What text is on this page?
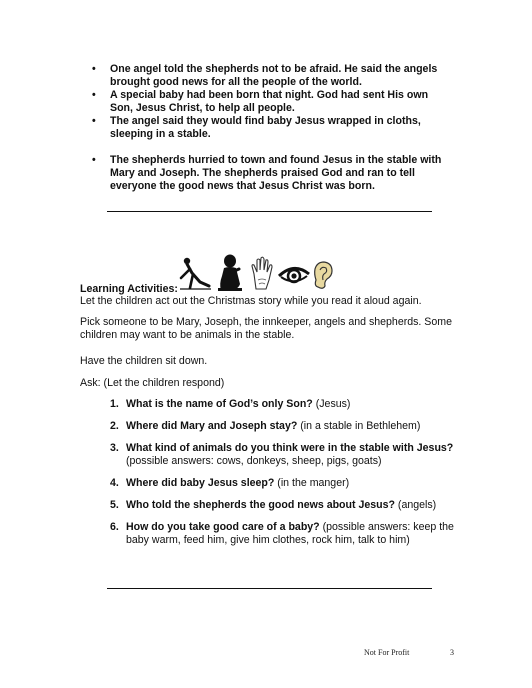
• One angel told the shepherds not to be afraid. He said the angels brought good news for all the people of the world.
• A special baby had been born that night. God had sent His own Son, Jesus Christ, to help all people.
• The angel said they would find baby Jesus wrapped in cloths, sleeping in a stable.
• The shepherds hurried to town and found Jesus in the stable with Mary and Joseph. The shepherds praised God and ran to tell everyone the good news that Jesus Christ was born.
Learning Activities:
Let the children act out the Christmas story while you read it aloud again.
Pick someone to be Mary, Joseph, the innkeeper, angels and shepherds. Some children may want to be animals in the stable.
Have the children sit down.
Ask: (Let the children respond)
1. What is the name of God’s only Son? (Jesus)
2. Where did Mary and Joseph stay? (in a stable in Bethlehem)
3. What kind of animals do you think were in the stable with Jesus? (possible answers: cows, donkeys, sheep, pigs, goats)
4. Where did baby Jesus sleep? (in the manger)
5. Who told the shepherds the good news about Jesus? (angels)
6. How do you take good care of a baby? (possible answers: keep the baby warm, feed him, give him clothes, rock him, talk to him)
Not For Profit	3
